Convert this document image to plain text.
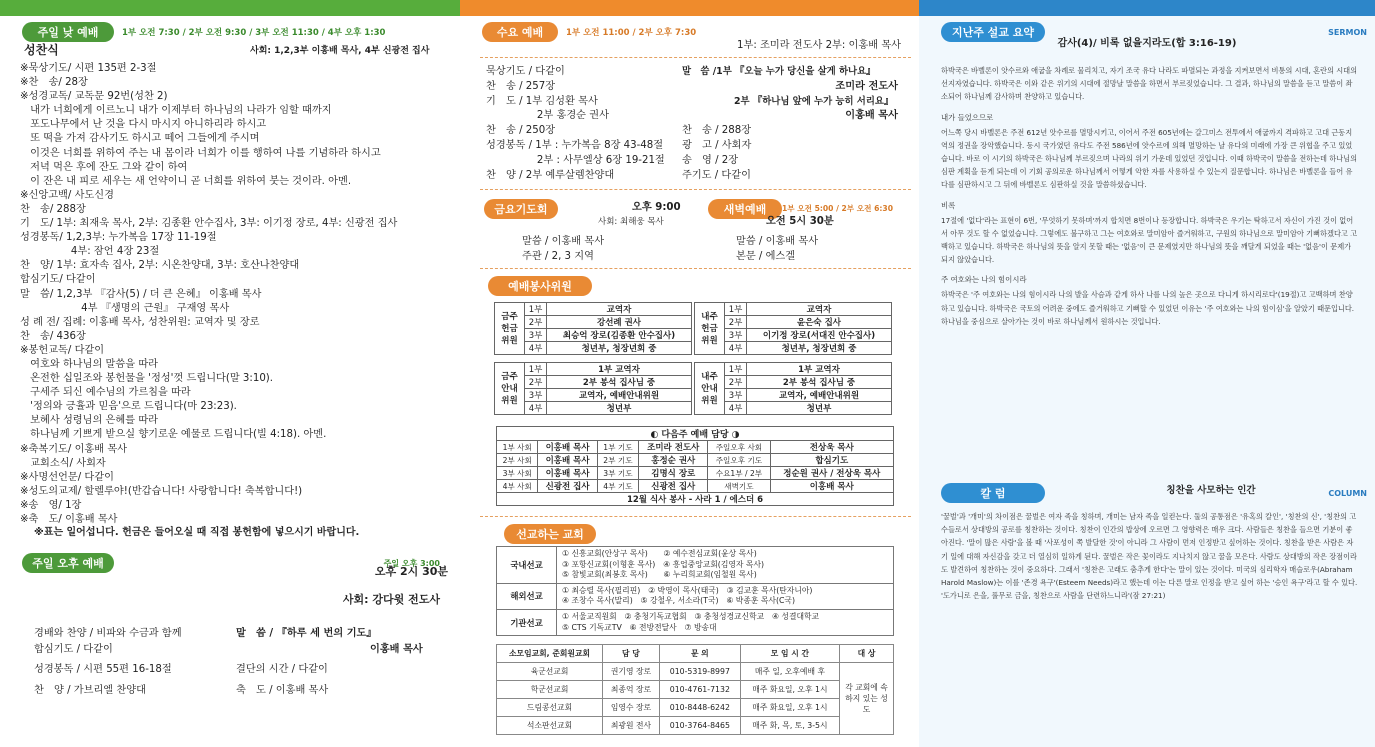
주일 낮 예배	1부 오전 7:30 / 2부 오전 9:30 / 3부 오전 11:30 / 4부 오후 1:30
성찬식	사회: 1,2,3부 이홍배 목사, 4부 신광전 집사
※묵상기도/ 시편 135편 2-3절
※찬　송/ 28장
※성경교독/ 교독문 92번(성찬 2)
　내가 너희에게 이르노니 내가 이제부터 하나님의 나라가 임할 때까지
　포도나무에서 난 것을 다시 마시지 아니하리라 하시고
　또 떡을 가져 감사기도 하시고 떼어 그들에게 주시며
　이것은 너희를 위하여 주는 내 몸이라 너희가 이를 행하여 나를 기념하라 하시고
　저녁 먹은 후에 잔도 그와 같이 하여
　이 잔은 내 피로 세우는 새 언약이니 곧 너희를 위하여 붓는 것이라. 아멘.
※신앙고백/ 사도신경
찬　송/ 288장
기　도/ 1부: 최재욱 목사, 2부: 김종환 안수집사, 3부: 이기정 장로, 4부: 신광전 집사
성경봉독/ 1,2,3부: 누가복음 17장 11-19절
　　　　　4부: 잠언 4장 23절
찬　양/ 1부: 효자속 집사, 2부: 시온찬양대, 3부: 호산나찬양대
합심기도/ 다같이
말　씀/ 1,2,3부 『감사(5) / 더 큰 은혜』 이홍배 목사
　　　　　　4부 『생명의 근원』 구재영 목사
성 례 전/ 집례: 이홍배 목사, 성찬위원: 교역자 및 장로
찬　송/ 436장
※봉헌교독/ 다같이
　여호와 하나님의 말씀을 따라
　온전한 십일조와 봉헌물을 '정성'껏 드립니다(말 3:10).
　구세주 되신 예수님의 가르침을 따라
　'정의와 긍휼과 믿음'으로 드립니다(마 23:23).
　보혜사 성령님의 은혜를 따라
　하나님께 기쁘게 받으실 향기로운 예물로 드립니다(빌 4:18). 아멘.
※축복기도/ 이홍배 목사
　교회소식/ 사회자
※사명선언문/ 다같이
※성도의교제/ 할렐루야!(반갑습니다! 사랑합니다! 축복합니다!)
※송　영/ 1장
※축　도/ 이홍배 목사
※표는 일어섭니다. 헌금은 들어오실 때 직접 봉헌함에 넣으시기 바랍니다.
주일 오후 예배	주일 오후 3:00
오후 2시 30분
사회: 강다윗 전도사
경배와 찬양 / 비파와 수금과 함께
합심기도 / 다같이
성경봉독 / 시편 55편 16-18절
찬　양 / 가브리엘 찬양대
말　씀 / 『하루 세 번의 기도』
이홍배 목사
결단의 시간 / 다같이
축　도 / 이홍배 목사
수요 예배	1부 오전 11:00 / 2부 오후 7:30
1부: 조미라 전도사 2부: 이홍배 목사
묵상기도 / 다같이
찬　송 / 257장
기　도 / 1부 김성환 목사
　　　　　2부 홍경순 권사
찬　송 / 250장
성경봉독 / 1부 : 누가복음 8장 43-48절
　　　　　2부 : 사무엘상 6장 19-21절
찬　양 / 2부 예루살렘찬양대
말　씀 /1부 『오늘 누가 당신을 살게 하나요』
조미라 전도사
2부 『하나님 앞에 누가 능히 서리요』
이홍배 목사
찬　송 / 288장
광　고 / 사회자
송　영 / 2장
주기도 / 다같이
금요기도회	오후 9:00
사회: 최해웅 목사
말씀 / 이홍배 목사
주관 / 2, 3 지역
새벽예배	1부 오전 5:00 / 2부 오전 6:30
오전 5시 30분
말씀 / 이홍배 목사
본문 / 에스겔
예배봉사위원
금주
헌금
위원	1부	교역자
	2부	강선례 권사
	3부	최승억 장로(김종환 안수집사)
	4부	청년부, 청장년회 중
내주
헌금
위원	1부	교역자
	2부	윤은숙 집사
	3부	이기정 장로(서대진 안수집사)
	4부	청년부, 청장년회 중
금주
안내
위원	1부	1부 교역자
	2부	2부 봉석 집사님 중
	3부	교역자, 예배안내위원
	4부	청년부
내주
안내
위원	1부	1부 교역자
	2부	2부 봉석 집사님 중
	3부	교역자, 예배안내위원
	4부	청년부
◐ 다음주 예배 담당 ◑					
1부 사회	이홍배 목사	1부 기도	조미라 전도사	주일오후 사회	전상욱 목사
2부 사회	이홍배 목사	2부 기도	홍정순 권사	주일오후 기도	합심기도
3부 사회	이홍배 목사	3부 기도	김명식 장로	수요1부 / 2부	정순원 권사 / 전상욱 목사
4부 사회	신광전 집사	4부 기도	신광전 집사	새벽기도	이홍배 목사
12월 식사 봉사 - 사라 1 / 에스더 6					
선교하는 교회
국내선교	① 신흥교회(안상구 목사)　　② 예수전심교회(윤상 목사)
③ 포항신교회(이형훈 목사)　④ 흥업중앙교회(김영자 목사)
⑤ 참빛교회(최봉호 목사)　　⑥ 누리희교회(임철원 목사)

해외선교	① 최승렬 목사(필리핀)　② 박영이 목사(태국)　③ 김교훈 목사(탄자니아)
④ 조창수 목사(말리)　⑤ 강철우, 서소라(T국)　⑥ 박종훈 목사(C국)

기관선교	① 서울교직원회　② 충청기독교협회　③ 충청성경교신학교　④ 성결대학교
⑤ CTS 기독교TV　⑥ 전방전달사　⑦ 방송대
소모임교회, 준회원교회	담 당	문 의	모 임 시 간	대 상
육군선교회	권기영 장로	010-5319-8997	매주 일, 오후예배 후	각 교회에 속하지 있는 성도
학군선교회	최종억 장로	010-4761-7132	매주 화요일, 오후 1시	
드림콩선교회	임영수 장로	010-8448-6242	매주 화요일, 오후 1시	
석소판선교회	최광원 전사	010-3764-8465	매주 화, 목, 토, 3-5시	
지난주 설교 요약	SERMON
감사(4)/ 비록 없을지라도(합 3:16-19)
하박국은 바벨론이 앗수르와 애굽을 차례로 물리치고, 자기 조국 유다 나라도 파멸되는 과정을 지켜보면서 비통의 시대, 혼란의 시대의 선지자였습니다. 하박국은 이와 같은 위기의 시대에 절망날 말씀을 하면서 부르짖었습니다. 그 결과, 하나님의 말씀을 듣고 말씀이 좌소되어 하나님께 감사하며 찬양하고 있습니다.
내가 들었으므로
어느쪽 당시 바벨론은 주전 612년 앗수르를 멸망시키고, 이어서 주전 605년에는 갈그미스 전투에서 애굽까지 격파하고 고대 근동지역의 정권을 장악했습니다. 동시 국가였던 유다도 주전 586년에 앗수르에 의해 멸망하는 날 유다의 미래에 가장 큰 위협을 주고 있었습니다. 바로 이 시기의 하박국은 하나님께 부르짖으며 나라의 위기 가운데 있었던 것입니다. 이때 하박국이 말씀을 전하는데 하나님의 심판 계획을 듣게 되는데 이 기회 공의로운 하나님께서 어떻게 악한 자를 사용하실 수 있는지 질문합니다. 하나님은 바벨론을 들어 유다를 심판하시고 그 뒤에 바벨론도 심판하실 것을 말씀하셨습니다.
비록
17절에 '없다'라는 표현이 6번, '무엇하기 못하며'까지 합치면 8번이나 등장합니다. 하박국은 우기는 탁하고서 자신이 가진 것이 없어서 아무 것도 할 수 없었습니다. 그렇에도 불구하고 그는 여호와로 말미암아 즐거워하고, 구원의 하나님으로 말미암아 기뻐하겠다고 고백하고 있습니다. 하박국은 하나님의 뜻을 알지 못할 때는 '없음'이 큰 문제였지만 하나님의 뜻을 깨달게 되었을 때는 '없음'이 문제가 되지 않았습니다.
주 여호와는 나의 힘이시라
하박국은 '주 여호와는 나의 힘이시라 나의 발을 사슴과 같게 하사 나를 나의 높은 곳으로 다니게 하시리로다'(19절)고 고백하며 찬양하고 있습니다. 하박국은 국토의 어려운 중에도 즐거워하고 기뻐할 수 있었던 이유는 '주 여호와는 나의 힘이심'을 알았기 때문입니다. 하나님을 중심으로 살아가는 것이 바로 하나님께서 원하시는 것입니다.
칼 럼	COLUMN
칭찬을 사모하는 인간
'꿀벌'과 '개미'의 차이점은 꿀벌은 여자 족을 칭하며, 개미는 남자 족을 일컫는다. 둘의 공통점은 '유혹의 칼인', '칭찬의 신', '칭찬의 고수들로서 상대방의 공로를 칭찬하는 것이다. 칭찬이 인간의 밥상에 오르면 그 영향력은 매우 크다. 사람들은 칭찬을 들으면 기분이 좋아진다. '말이 많은 사람'을 볼 때 '사포성이 쪽 발달한 것'이 아니라 그 사람이 먼저 인정받고 싶어하는 것이다. 칭찬을 받은 사람은 자기 일에 대해 자신감을 갖고 더 열심히 일하게 된다. 꿀벌은 작은 꽃이라도 지나치지 않고 꿀을 모은다. 사람도 상대방의 작은 장점이라도 발견하여 칭찬하는 것이 중요하다. 그래서 '칭찬은 고래도 춤추게 한다'는 말이 있는 것이다. 미국의 심리학자 매슬로우(Abraham Harold Maslow)는 이를 '존경 욕구'(Esteem Needs)라고 했는데 이는 다른 말로 인정을 받고 싶어 하는 '승인 욕구'라고 할 수 있다. '도가니로 은을, 풀무로 금을, 칭찬으로 사람을 단련하느니라'(잠 27:21)
